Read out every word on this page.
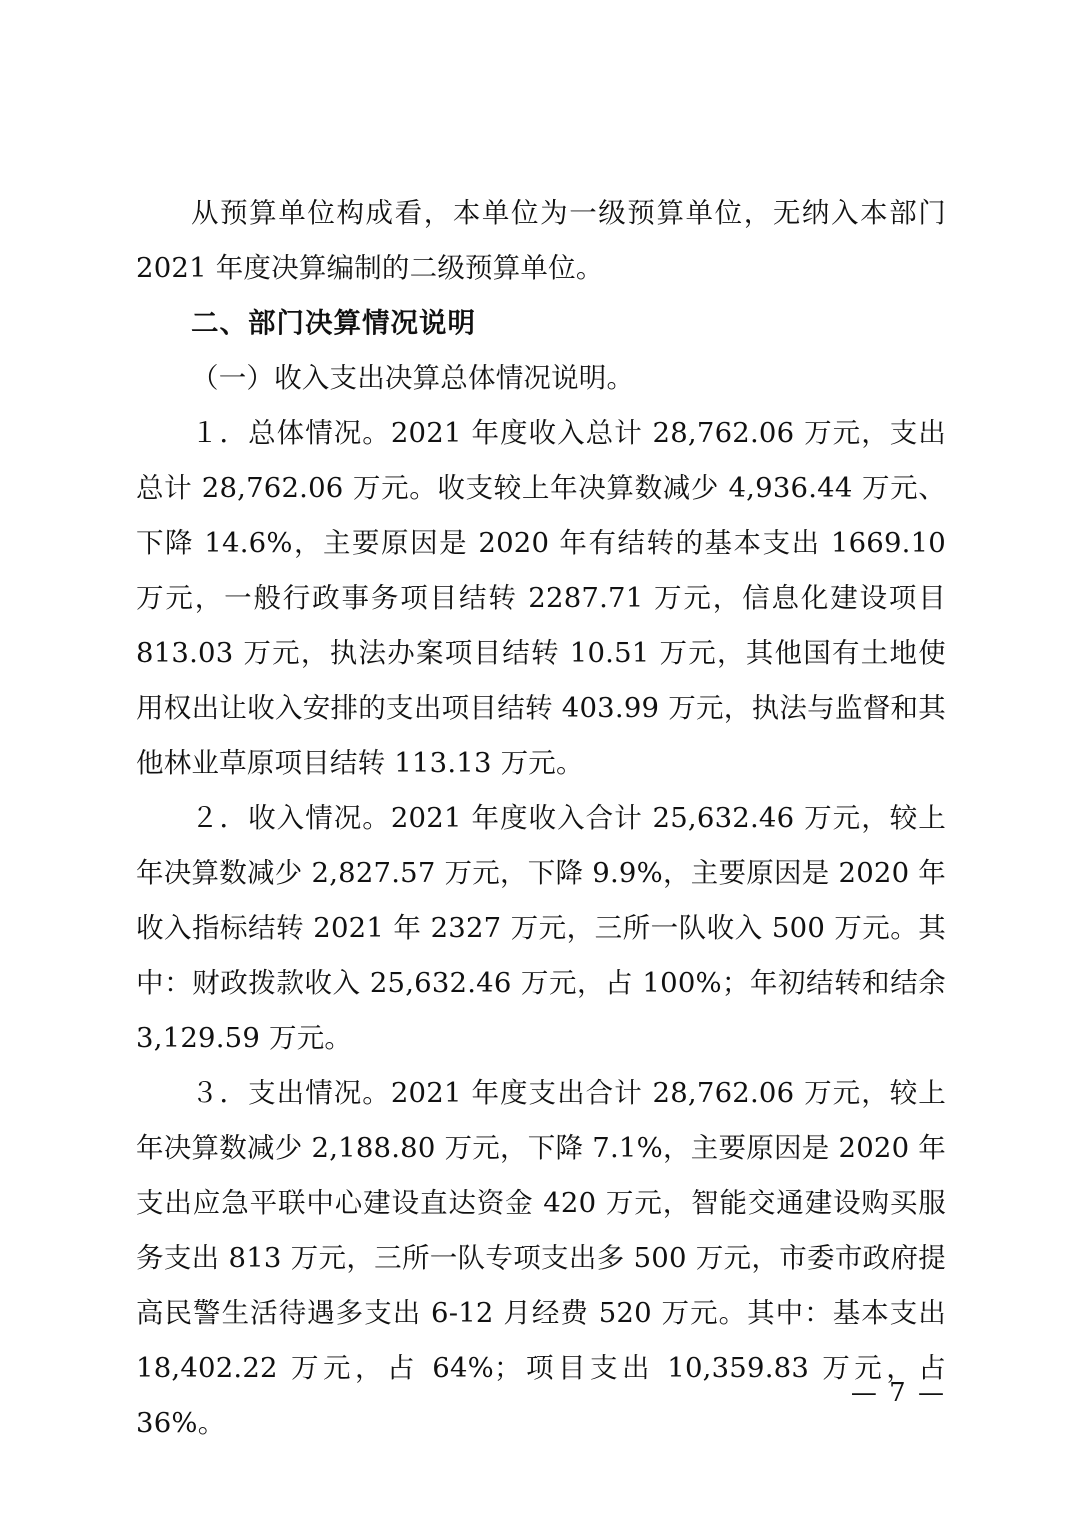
从预算单位构成看，本单位为一级预算单位，无纳入本部门 2021 年度决算编制的二级预算单位。

二、部门决算情况说明

（一）收入支出决算总体情况说明。

１．总体情况。2021 年度收入总计 28,762.06 万元，支出总计 28,762.06 万元。收支较上年决算数减少 4,936.44 万元、下降 14.6%，主要原因是 2020 年有结转的基本支出 1669.10 万元，一般行政事务项目结转 2287.71 万元，信息化建设项目 813.03 万元，执法办案项目结转 10.51 万元，其他国有土地使用权出让收入安排的支出项目结转 403.99 万元，执法与监督和其他林业草原项目结转 113.13 万元。

２．收入情况。2021 年度收入合计 25,632.46 万元，较上年决算数减少 2,827.57 万元，下降 9.9%，主要原因是 2020 年收入指标结转 2021 年 2327 万元，三所一队收入 500 万元。其中：财政拨款收入 25,632.46 万元，占 100%；年初结转和结余 3,129.59 万元。

３．支出情况。2021 年度支出合计 28,762.06 万元，较上年决算数减少 2,188.80 万元，下降 7.1%，主要原因是 2020 年支出应急平联中心建设直达资金 420 万元，智能交通建设购买服务支出 813 万元，三所一队专项支出多 500 万元，市委市政府提高民警生活待遇多支出 6-12 月经费 520 万元。其中：基本支出 18,402.22 万元，占 64%；项目支出 10,359.83 万元，占 36%。

— 7 —
